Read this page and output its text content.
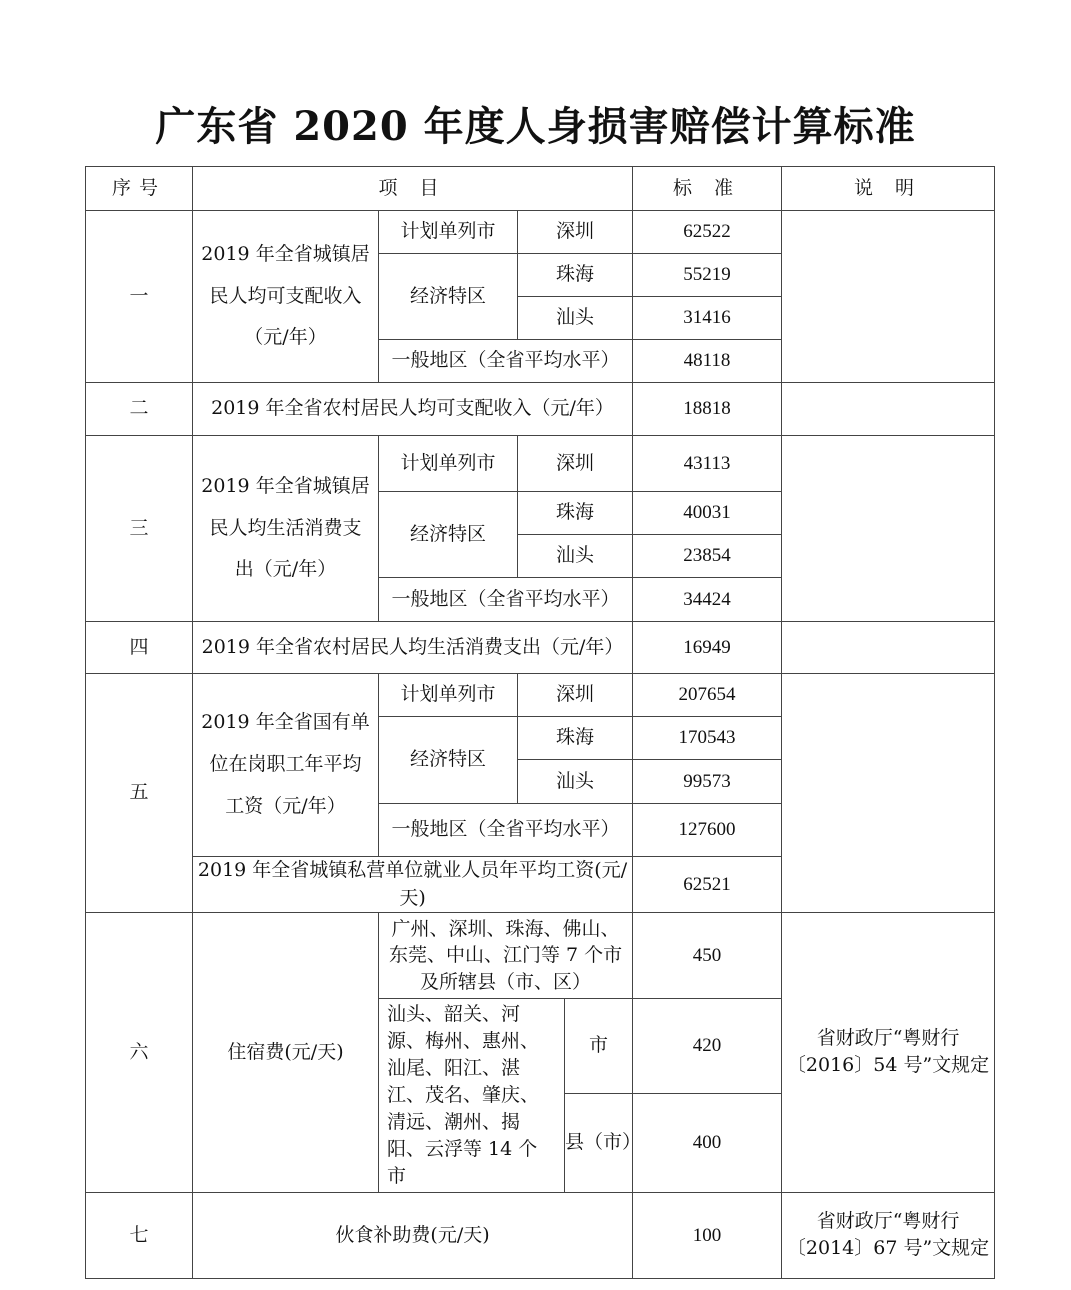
广东省 2020 年度人身损害赔偿计算标准
序号	项 目				标 准	说 明
一	2019 年全省城镇居民人均可支配收入（元/年）	计划单列市	深圳		62522	
		经济特区	珠海		55219	
			汕头		31416	
		一般地区（全省平均水平）			48118	
二	2019 年全省农村居民人均可支配收入（元/年）				18818	
三	2019 年全省城镇居民人均生活消费支出（元/年）	计划单列市	深圳		43113	
		经济特区	珠海		40031	
			汕头		23854	
		一般地区（全省平均水平）			34424	
四	2019 年全省农村居民人均生活消费支出（元/年）				16949	
五	2019 年全省国有单位在岗职工年平均工资（元/年）	计划单列市	深圳		207654	
		经济特区	珠海		170543	
			汕头		99573	
		一般地区（全省平均水平）			127600	
	2019 年全省城镇私营单位就业人员年平均工资(元/天)				62521	
六	住宿费(元/天)	广州、深圳、珠海、佛山、东莞、中山、江门等 7 个市及所辖县（市、区）			450	省财政厅“粤财行〔2016〕54 号”文规定
		汕头、韶关、河源、梅州、惠州、汕尾、阳江、湛江、茂名、肇庆、清远、潮州、揭阳、云浮等 14 个市		市	420	
				县（市）	400	
七	伙食补助费(元/天)				100	省财政厅“粤财行〔2014〕67 号”文规定
